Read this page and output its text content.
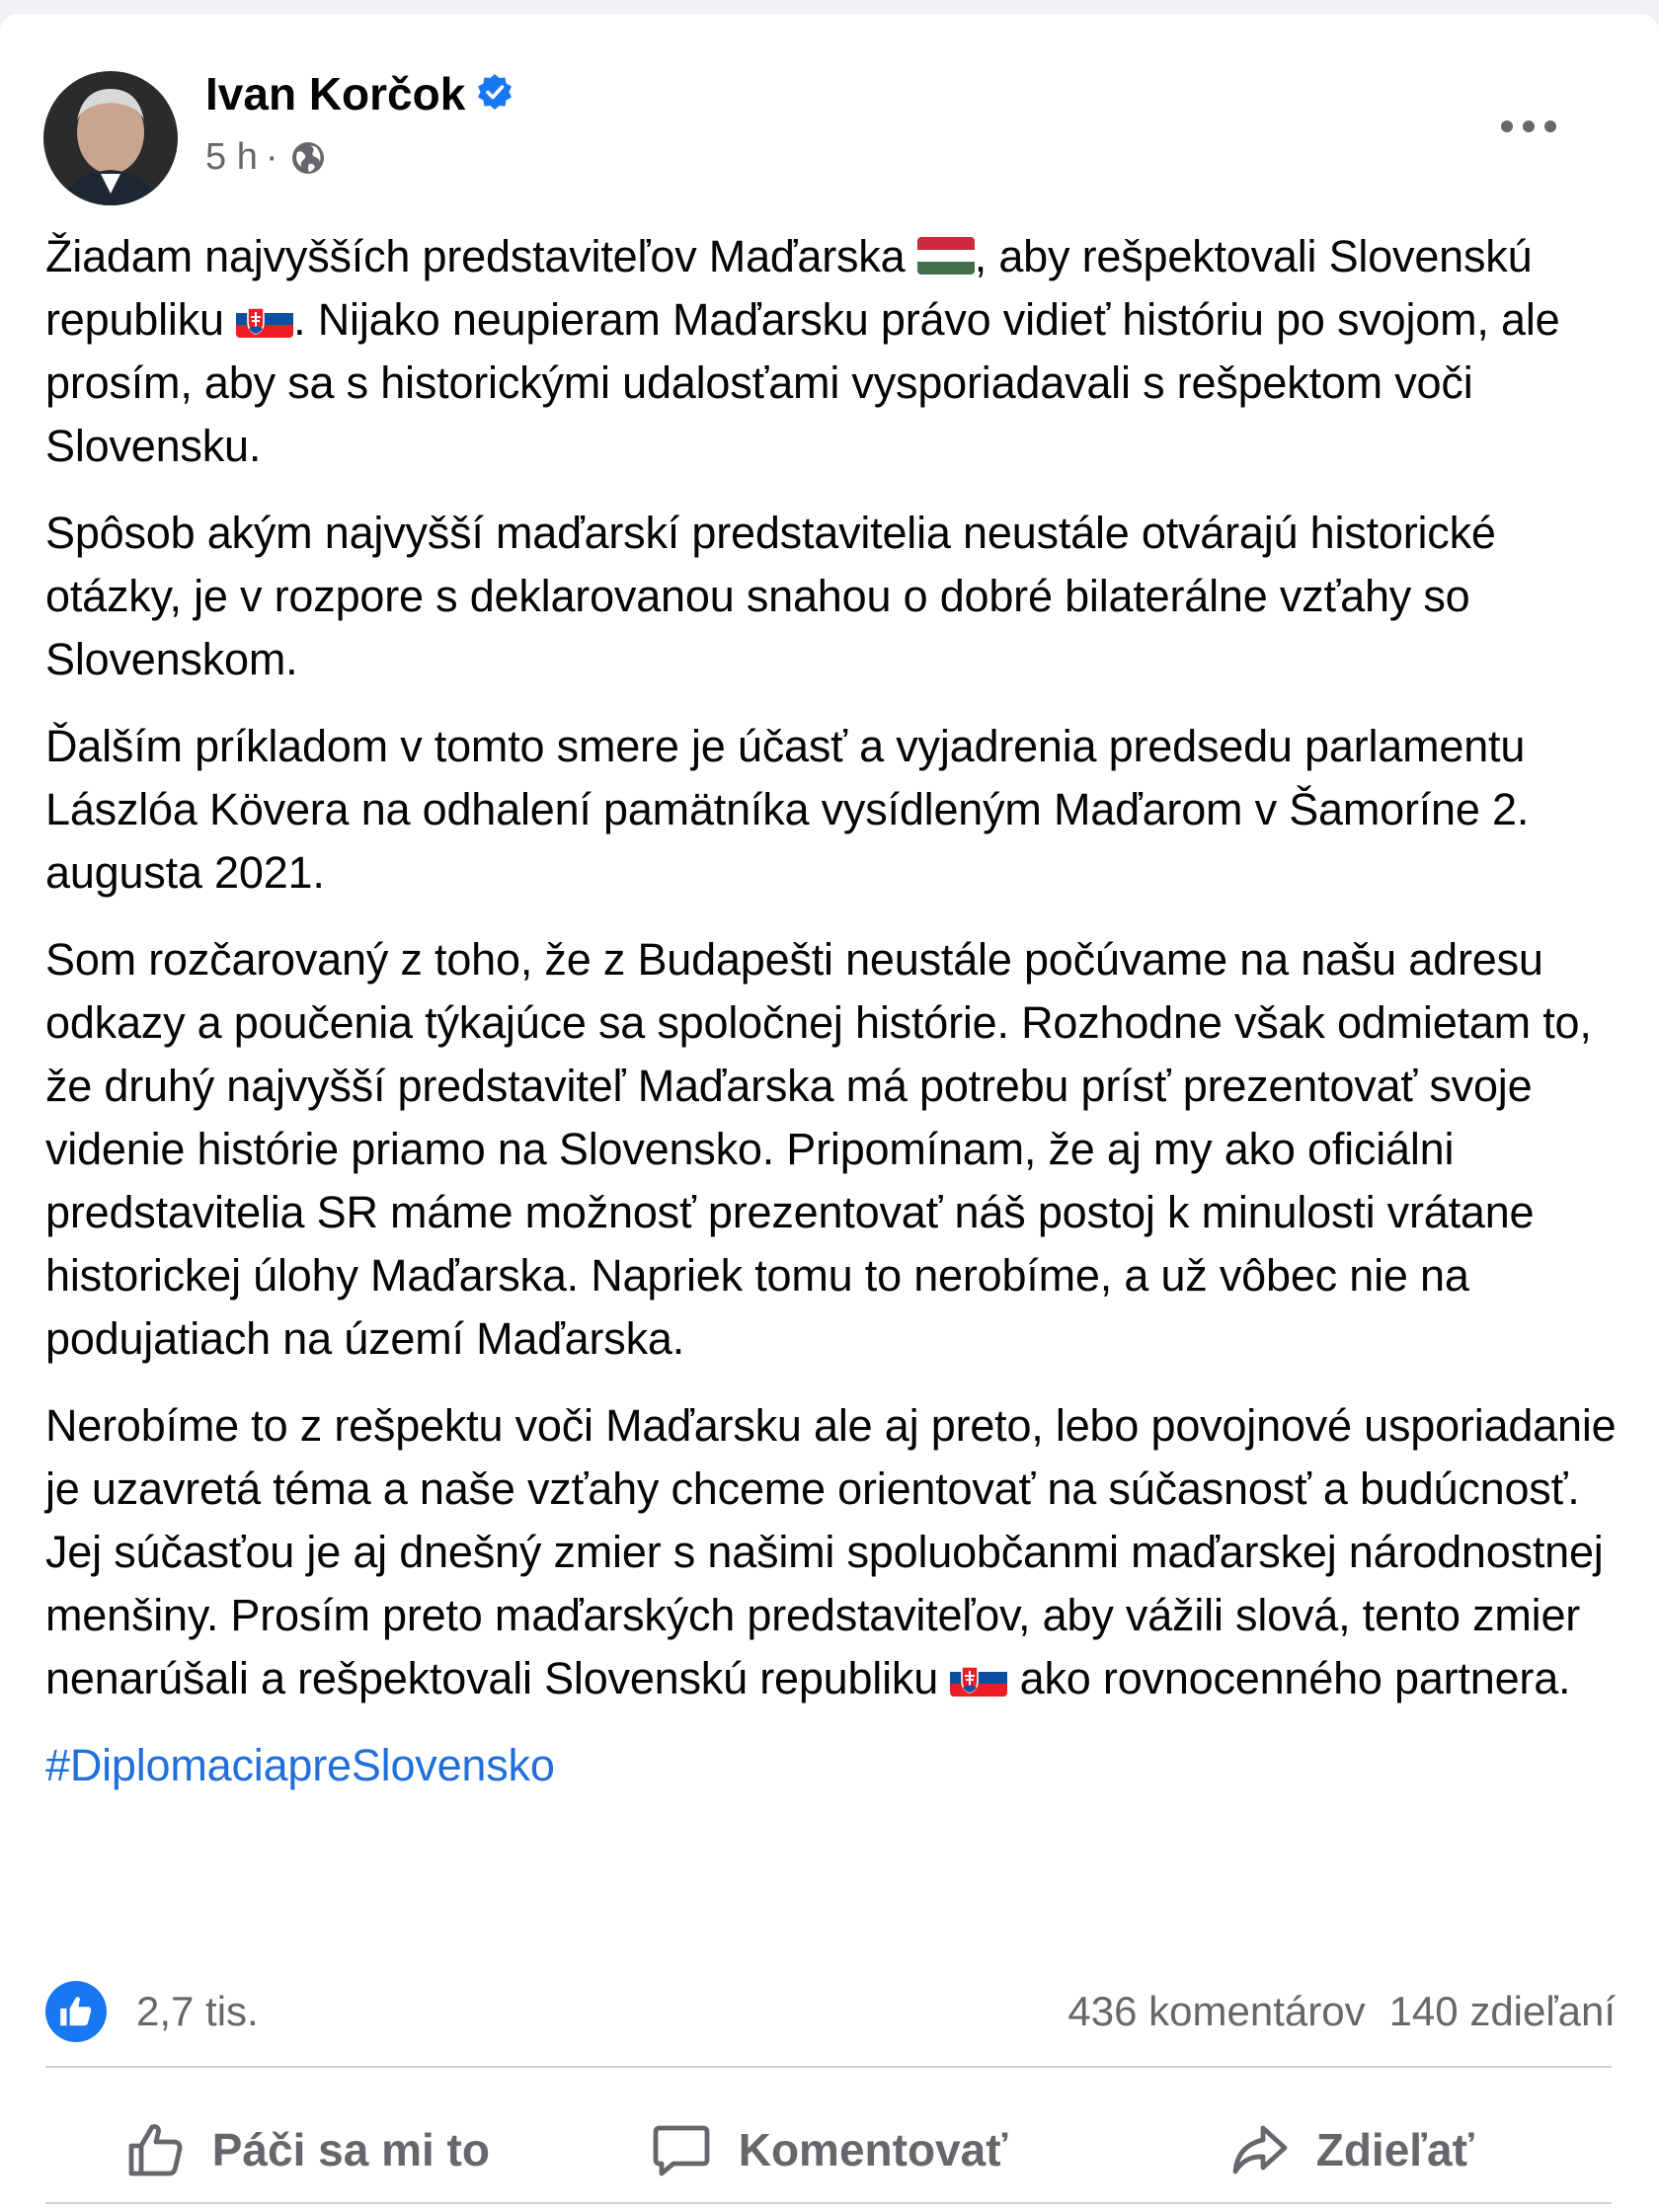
Ivan Korčok
5 h ·

Žiadam najvyšších predstaviteľov Maďarska , aby rešpektovali Slovenskú republiku . Nijako neupieram Maďarsku právo vidieť históriu po svojom, ale prosím, aby sa s historickými udalosťami vysporiadavali s rešpektom voči Slovensku.

Spôsob akým najvyšší maďarskí predstavitelia neustále otvárajú historické otázky, je v rozpore s deklarovanou snahou o dobré bilaterálne vzťahy so Slovenskom.

Ďalším príkladom v tomto smere je účasť a vyjadrenia predsedu parlamentu Lászlóa Kövera na odhalení pamätníka vysídleným Maďarom v Šamoríne 2. augusta 2021.

Som rozčarovaný z toho, že z Budapešti neustále počúvame na našu adresu odkazy a poučenia týkajúce sa spoločnej histórie. Rozhodne však odmietam to, že druhý najvyšší predstaviteľ Maďarska má potrebu prísť prezentovať svoje videnie histórie priamo na Slovensko. Pripomínam, že aj my ako oficiálni predstavitelia SR máme možnosť prezentovať náš postoj k minulosti vrátane historickej úlohy Maďarska. Napriek tomu to nerobíme, a už vôbec nie na podujatiach na území Maďarska.

Nerobíme to z rešpektu voči Maďarsku ale aj preto, lebo povojnové usporiadanie je uzavretá téma a naše vzťahy chceme orientovať na súčasnosť a budúcnosť. Jej súčasťou je aj dnešný zmier s našimi spoluobčanmi maďarskej národnostnej menšiny. Prosím preto maďarských predstaviteľov, aby vážili slová, tento zmier nenarúšali a rešpektovali Slovenskú republiku  ako rovnocenného partnera.

#DiplomaciapreSlovensko

2,7 tis.	436 komentárov 140 zdieľaní
Páči sa mi to	Komentovať	Zdieľať
